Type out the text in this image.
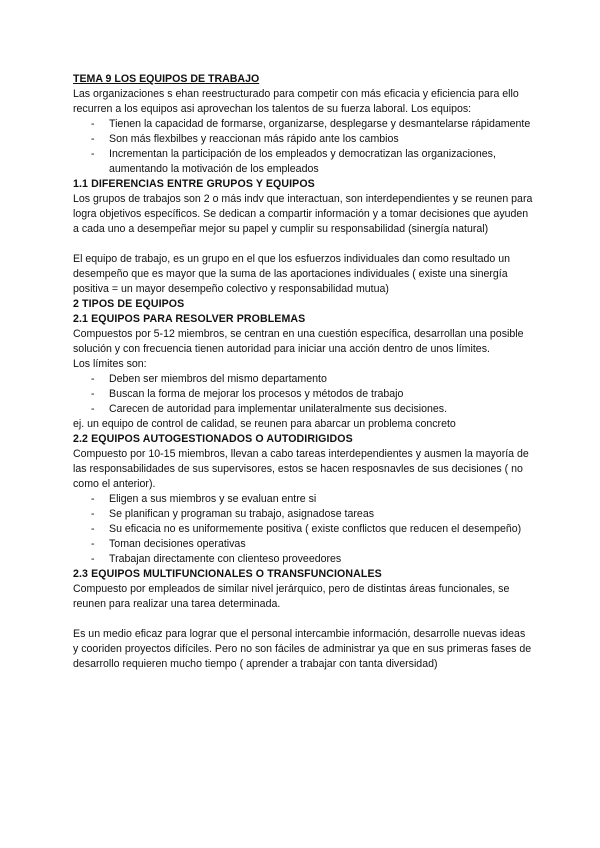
TEMA 9 LOS EQUIPOS DE TRABAJO

Las organizaciones s ehan reestructurado para competir con más eficacia y eficiencia para ello recurren a los equipos asi aprovechan los talentos de su fuerza laboral. Los equipos:

- Tienen la capacidad de formarse, organizarse, desplegarse y desmantelarse rápidamente
- Son más flexbilbes y reaccionan más rápido ante los cambios
- Incrementan la participación de los empleados y democratizan las organizaciones, aumentando la motivación de los empleados
1.1 DIFERENCIAS ENTRE GRUPOS Y EQUIPOS

Los grupos de trabajos son 2 o más indv que interactuan, son interdependientes y se reunen para logra objetivos específicos. Se dedican a compartir información y a tomar decisiones que ayuden a cada uno a desempeñar mejor su papel y cumplir su responsabilidad (sinergía natural)

El equipo de trabajo, es un grupo en el que los esfuerzos individuales dan como resultado un desempeño que es mayor que la suma de las aportaciones individuales ( existe una sinergía positiva = un mayor desempeño colectivo y responsabilidad mutua)

2 TIPOS DE EQUIPOS
2.1 EQUIPOS PARA RESOLVER PROBLEMAS

Compuestos por 5-12 miembros, se centran en una cuestión específica, desarrollan una posible solución y con frecuencia tienen autoridad para iniciar una acción dentro de unos límites.

Los límites son:

- Deben ser miembros del mismo departamento
- Buscan la forma de mejorar los procesos y métodos de trabajo
- Carecen de autoridad para implementar unilateralmente sus decisiones.

ej. un equipo de control de calidad, se reunen para abarcar un problema concreto

2.2 EQUIPOS AUTOGESTIONADOS O AUTODIRIGIDOS

Compuesto por 10-15 miembros, llevan a cabo tareas interdependientes y ausmen la mayoría de las responsabilidades de sus supervisores, estos se hacen resposnavles de sus decisiones ( no como el anterior).

- Eligen a sus miembros y se evaluan entre si
- Se planifican y programan su trabajo, asignadose tareas
- Su eficacia no es uniformemente positiva ( existe conflictos que reducen el desempeño)
- Toman decisiones operativas
- Trabajan directamente con clienteso proveedores
2.3 EQUIPOS MULTIFUNCIONALES O TRANSFUNCIONALES

Compuesto por empleados de similar nivel jerárquico, pero de distintas áreas funcionales, se reunen para realizar una tarea determinada.

Es un medio eficaz para lograr que el personal intercambie información, desarrolle nuevas ideas y cooriden proyectos difíciles. Pero no son fáciles de administrar ya que en sus primeras fases de desarrollo requieren mucho tiempo ( aprender a trabajar con tanta diversidad)
